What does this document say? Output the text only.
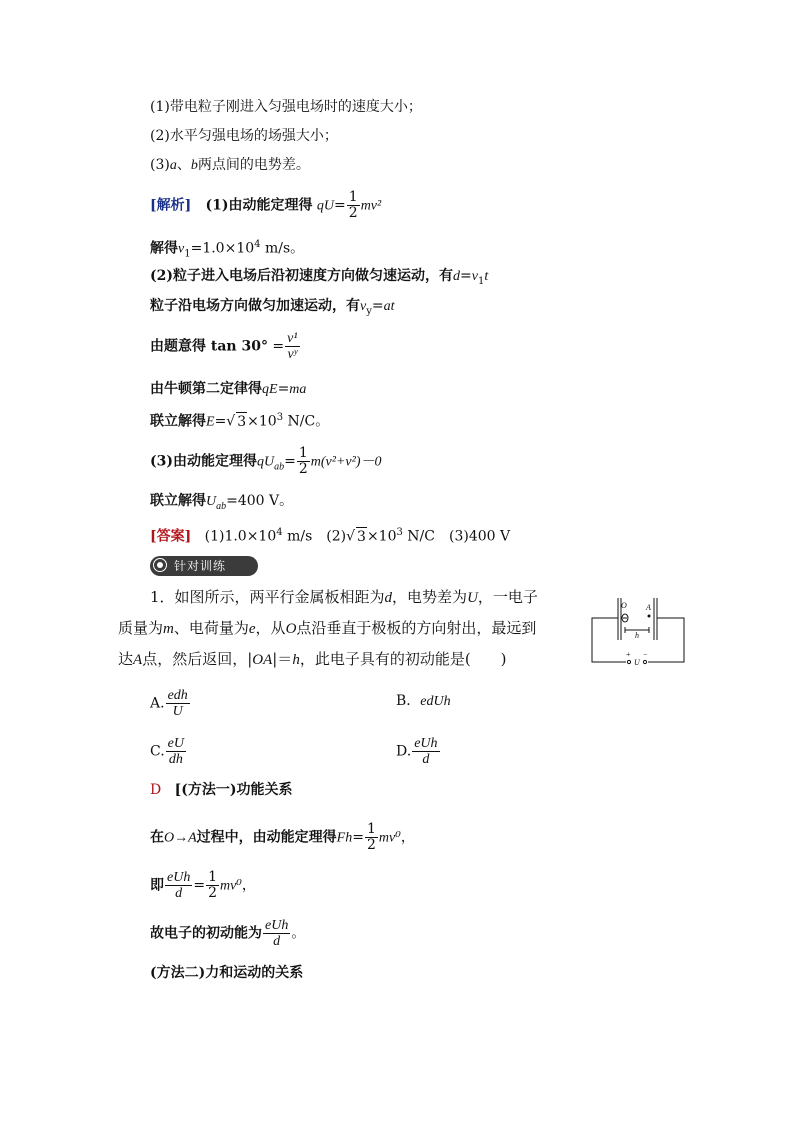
(1)带电粒子刚进入匀强电场时的速度大小；
(2)水平匀强电场的场强大小；
(3)a、b两点间的电势差。
[解析] (1)由动能定理得 $qU= \frac{1}{2} mv^2$
解得$v_1=1.0\times 10^4$ m/s。
(2)粒子进入电场后沿初速度方向做匀速运动，有$d=v_1t$
粒子沿电场方向做匀加速运动，有$v_y=at$
由题意得 $\tan 30^\circ = \frac{\text{v¹}}{\text{vʸ}}$
由牛顿第二定律得qE=ma
联立解得E=√ $3\times 10^3$ N/C。
(3)由动能定理得$qU_{ab}= \frac{1}{2} m(v^2+v^2)-0$
联立解得$U_{ab}=400$ V。
[答案] $(1)1.0\times 10^4$ m/s　(2)√ $3\times 10^3$ N/C　(3)400 V
针对训练
1．如图所示，两平行金属板相距为d，电势差为U，一电子
质量为m、电荷量为e，从O点沿垂直于极板的方向射出，最远到
达A点，然后返回，|OA|＝h，此电子具有的初动能是(　　)
O A
h
U
+ −
A. $\frac{\text{edh}}{U}$	B．edUh
C. $\frac{eU}{dh}$	D. $\frac{\text{eUh}}{d}$
D [(方法一)功能关系
在O→A过程中，由动能定理得$Fh= \frac{1}{2} mv^0$，
即 $\frac{\text{eUh}}{d} = \frac{1}{2} mv^0$，
故电子的初动能为 $\frac{\text{eUh}}{d}$ 。
(方法二)力和运动的关系
